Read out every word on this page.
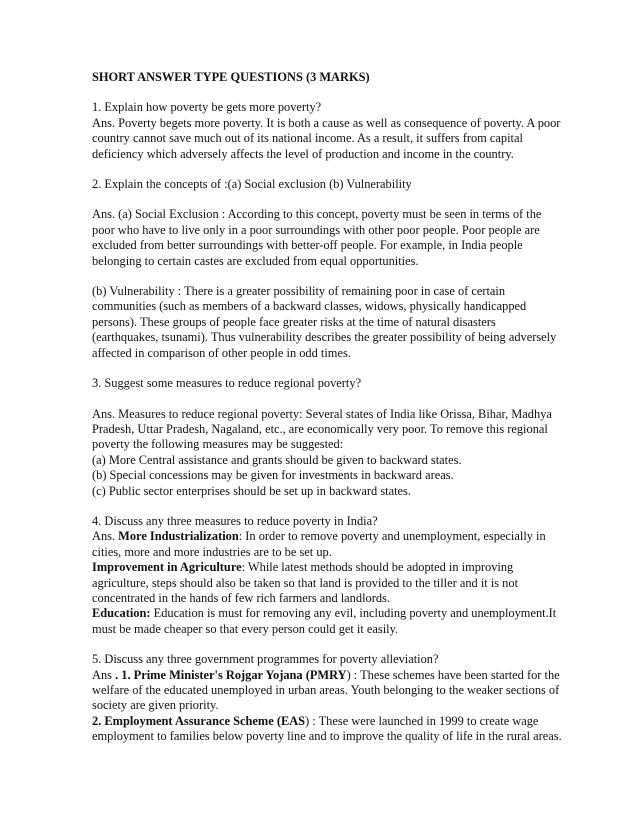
SHORT ANSWER TYPE QUESTIONS (3 MARKS)

1. Explain how poverty be gets more poverty?

Ans. Poverty begets more poverty. It is both a cause as well as consequence of poverty. A poor country cannot save much out of its national income. As a result, it suffers from capital deficiency which adversely affects the level of production and income in the country.

2. Explain the concepts of :(a) Social exclusion (b) Vulnerability

Ans. (a) Social Exclusion : According to this concept, poverty must be seen in terms of the poor who have to live only in a poor surroundings with other poor people. Poor people are excluded from better surroundings with better-off people. For example, in India people belonging to certain castes are excluded from equal opportunities.

(b) Vulnerability : There is a greater possibility of remaining poor in case of certain communities (such as members of a backward classes, widows, physically handicapped persons). These groups of people face greater risks at the time of natural disasters (earthquakes, tsunami). Thus vulnerability describes the greater possibility of being adversely affected in comparison of other people in odd times.

3. Suggest some measures to reduce regional poverty?

Ans. Measures to reduce regional poverty: Several states of India like Orissa, Bihar, Madhya Pradesh, Uttar Pradesh, Nagaland, etc., are economically very poor. To remove this regional poverty the following measures may be suggested:

(a) More Central assistance and grants should be given to backward states.

(b) Special concessions may be given for investments in backward areas.

(c) Public sector enterprises should be set up in backward states.

4. Discuss any three measures to reduce poverty in India?

Ans. More Industrialization: In order to remove poverty and unemployment, especially in cities, more and more industries are to be set up.

Improvement in Agriculture: While latest methods should be adopted in improving agriculture, steps should also be taken so that land is provided to the tiller and it is not concentrated in the hands of few rich farmers and landlords.

Education: Education is must for removing any evil, including poverty and unemployment.It must be made cheaper so that every person could get it easily.

5. Discuss any three government programmes for poverty alleviation?

Ans . 1. Prime Minister's Rojgar Yojana (PMRY) : These schemes have been started for the welfare of the educated unemployed in urban areas. Youth belonging to the weaker sections of society are given priority.

2. Employment Assurance Scheme (EAS) : These were launched in 1999 to create wage employment to families below poverty line and to improve the quality of life in the rural areas.
